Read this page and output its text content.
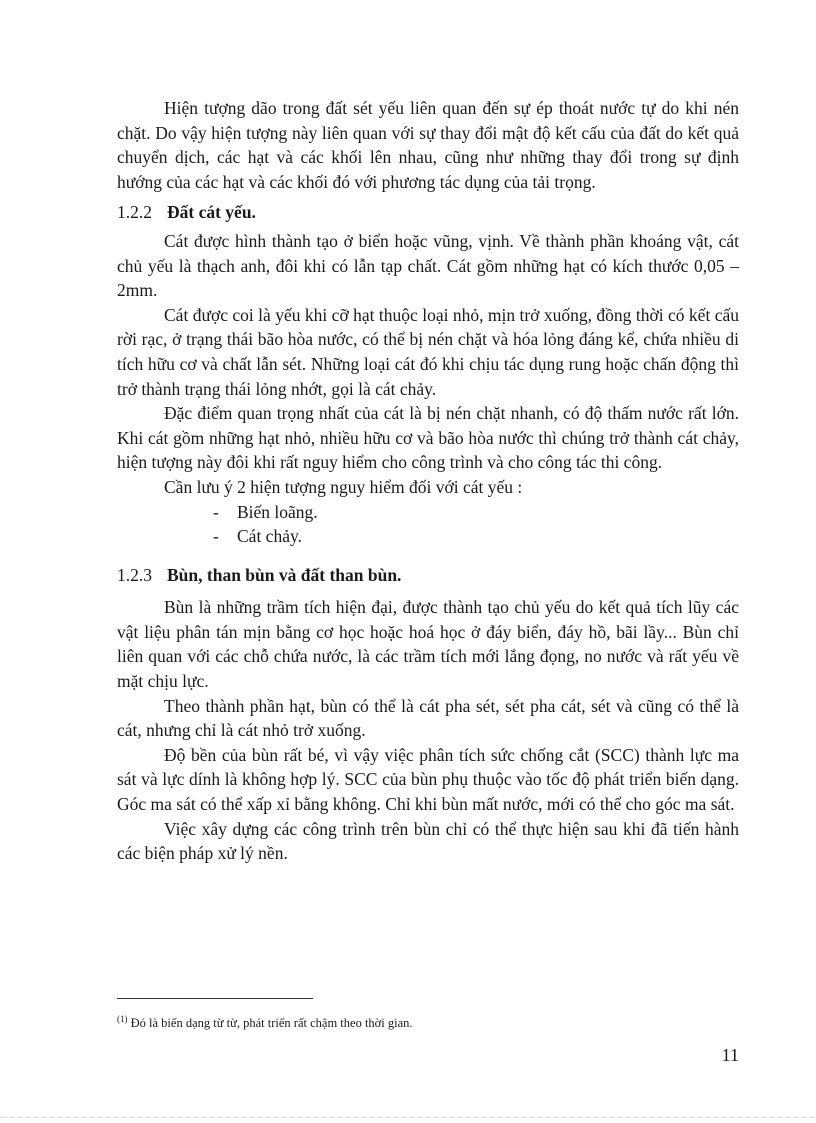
Hiện tượng dão trong đất sét yếu liên quan đến sự ép thoát nước tự do khi nén chặt. Do vậy hiện tượng này liên quan với sự thay đổi mật độ kết cấu của đất do kết quả chuyển dịch, các hạt và các khối lên nhau, cũng như những thay đổi trong sự định hướng của các hạt và các khối đó với phương tác dụng của tải trọng.

1.2.2 Đất cát yếu.

Cát được hình thành tạo ở biển hoặc vũng, vịnh. Về thành phần khoáng vật, cát chủ yếu là thạch anh, đôi khi có lẫn tạp chất. Cát gồm những hạt có kích thước 0,05 – 2mm.

Cát được coi là yếu khi cỡ hạt thuộc loại nhỏ, mịn trở xuống, đồng thời có kết cấu rời rạc, ở trạng thái bão hòa nước, có thể bị nén chặt và hóa lỏng đáng kể, chứa nhiều di tích hữu cơ và chất lẫn sét. Những loại cát đó khi chịu tác dụng rung hoặc chấn động thì trở thành trạng thái lỏng nhớt, gọi là cát chảy.

Đặc điểm quan trọng nhất của cát là bị nén chặt nhanh, có độ thấm nước rất lớn. Khi cát gồm những hạt nhỏ, nhiều hữu cơ và bão hòa nước thì chúng trở thành cát chảy, hiện tượng này đôi khi rất nguy hiểm cho công trình và cho công tác thi công.

Cần lưu ý 2 hiện tượng nguy hiểm đối với cát yếu :

- Biến loãng.
- Cát chảy.
1.2.3 Bùn, than bùn và đất than bùn.

Bùn là những trầm tích hiện đại, được thành tạo chủ yếu do kết quả tích lũy các vật liệu phân tán mịn bằng cơ học hoặc hoá học ở đáy biển, đáy hồ, bãi lầy... Bùn chỉ liên quan với các chỗ chứa nước, là các trầm tích mới lắng đọng, no nước và rất yếu về mặt chịu lực.

Theo thành phần hạt, bùn có thể là cát pha sét, sét pha cát, sét và cũng có thể là cát, nhưng chỉ là cát nhỏ trở xuống.

Độ bền của bùn rất bé, vì vậy việc phân tích sức chống cắt (SCC) thành lực ma sát và lực dính là không hợp lý. SCC của bùn phụ thuộc vào tốc độ phát triển biến dạng. Góc ma sát có thể xấp xỉ bằng không. Chỉ khi bùn mất nước, mới có thể cho góc ma sát.

Việc xây dựng các công trình trên bùn chỉ có thể thực hiện sau khi đã tiến hành các biện pháp xử lý nền.

$^{(1)}$ Đó là biến dạng từ từ, phát triển rất chậm theo thời gian.
11
